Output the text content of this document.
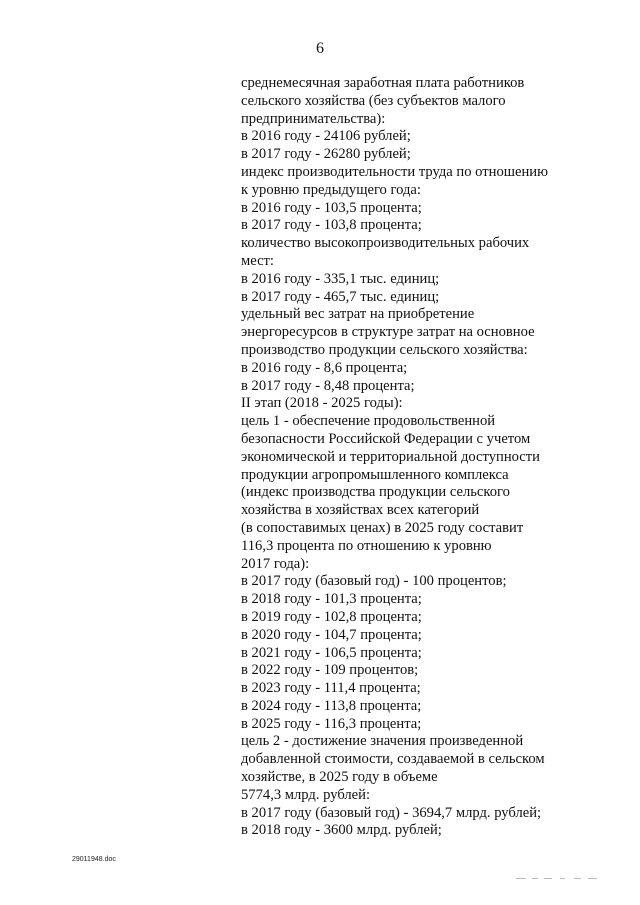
6
среднемесячная заработная плата работников
сельского хозяйства (без субъектов малого
предпринимательства):
в 2016 году - 24106 рублей;
в 2017 году - 26280 рублей;
индекс производительности труда по отношению
к уровню предыдущего года:
в 2016 году - 103,5 процента;
в 2017 году - 103,8 процента;
количество высокопроизводительных рабочих
мест:
в 2016 году - 335,1 тыс. единиц;
в 2017 году - 465,7 тыс. единиц;
удельный вес затрат на приобретение
энергоресурсов в структуре затрат на основное
производство продукции сельского хозяйства:
в 2016 году - 8,6 процента;
в 2017 году - 8,48 процента;
II этап (2018 - 2025 годы):
цель 1 - обеспечение продовольственной
безопасности Российской Федерации с учетом
экономической и территориальной доступности
продукции агропромышленного комплекса
(индекс производства продукции сельского
хозяйства в хозяйствах всех категорий
(в сопоставимых ценах) в 2025 году составит
116,3 процента по отношению к уровню
2017 года):
в 2017 году (базовый год) - 100 процентов;
в 2018 году - 101,3 процента;
в 2019 году - 102,8 процента;
в 2020 году - 104,7 процента;
в 2021 году - 106,5 процента;
в 2022 году - 109 процентов;
в 2023 году - 111,4 процента;
в 2024 году - 113,8 процента;
в 2025 году - 116,3 процента;
цель 2 - достижение значения произведенной
добавленной стоимости, создаваемой в сельском
хозяйстве, в 2025 году в объеме
5774,3 млрд. рублей:
в 2017 году (базовый год) - 3694,7 млрд. рублей;
в 2018 году - 3600 млрд. рублей;
29011948.doc
